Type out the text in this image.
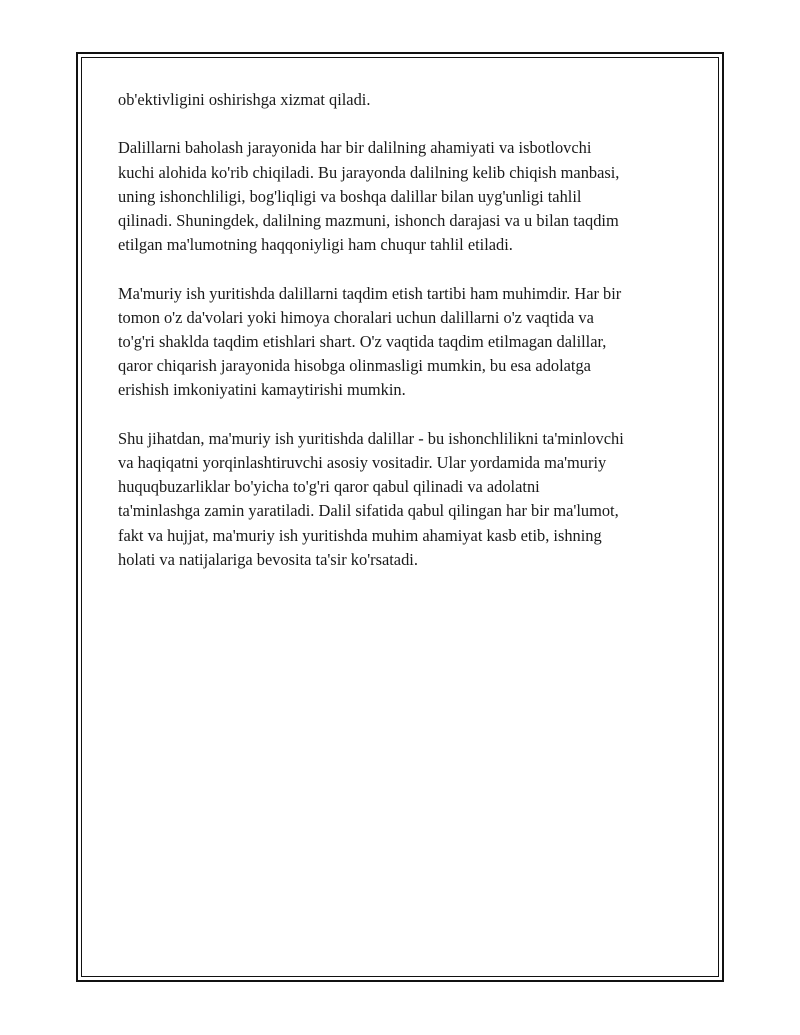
ob'ektivligini oshirishga xizmat qiladi.

Dalillarni baholash jarayonida har bir dalilning ahamiyati va isbotlovchi
kuchi alohida ko'rib chiqiladi. Bu jarayonda dalilning kelib chiqish manbasi,
uning ishonchliligi, bog'liqligi va boshqa dalillar bilan uyg'unligi tahlil
qilinadi. Shuningdek, dalilning mazmuni, ishonch darajasi va u bilan taqdim
etilgan ma'lumotning haqqoniyligi ham chuqur tahlil etiladi.

Ma'muriy ish yuritishda dalillarni taqdim etish tartibi ham muhimdir. Har bir
tomon o'z da'volari yoki himoya choralari uchun dalillarni o'z vaqtida va
to'g'ri shaklda taqdim etishlari shart. O'z vaqtida taqdim etilmagan dalillar,
qaror chiqarish jarayonida hisobga olinmasligi mumkin, bu esa adolatga
erishish imkoniyatini kamaytirishi mumkin.

Shu jihatdan, ma'muriy ish yuritishda dalillar - bu ishonchlilikni ta'minlovchi
va haqiqatni yorqinlashtiruvchi asosiy vositadir. Ular yordamida ma'muriy
huquqbuzarliklar bo'yicha to'g'ri qaror qabul qilinadi va adolatni
ta'minlashga zamin yaratiladi. Dalil sifatida qabul qilingan har bir ma'lumot,
fakt va hujjat, ma'muriy ish yuritishda muhim ahamiyat kasb etib, ishning
holati va natijalariga bevosita ta'sir ko'rsatadi.
